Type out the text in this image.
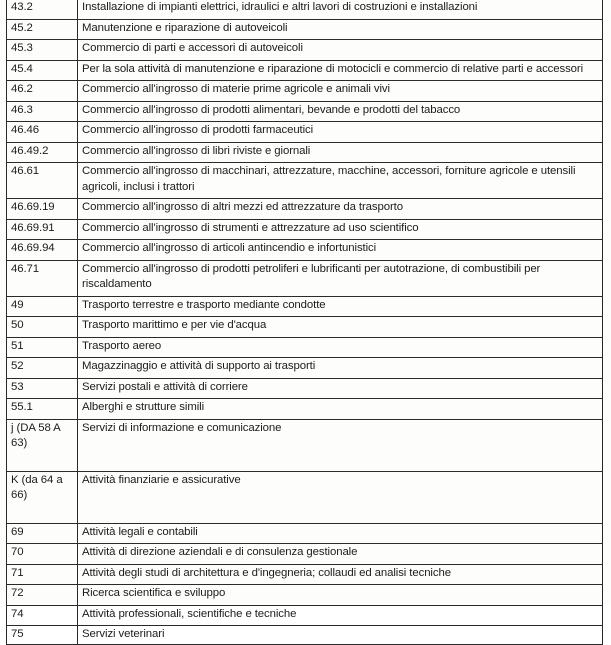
43.2	Installazione di impianti elettrici, idraulici e altri lavori di costruzioni e installazioni
45.2	Manutenzione e riparazione di autoveicoli
45.3	Commercio di parti e accessori di autoveicoli
45.4	Per la sola attività di manutenzione e riparazione di motocicli e commercio di relative parti e accessori
46.2	Commercio all'ingrosso di materie prime agricole e animali vivi
46.3	Commercio all'ingrosso di prodotti alimentari, bevande e prodotti del tabacco
46.46	Commercio all'ingrosso di prodotti farmaceutici
46.49.2	Commercio all'ingrosso di libri riviste e giornali
46.61	Commercio all'ingrosso di macchinari, attrezzature, macchine, accessori, forniture agricole e utensili agricoli, inclusi i trattori
46.69.19	Commercio all'ingrosso di altri mezzi ed attrezzature da trasporto
46.69.91	Commercio all'ingrosso di strumenti e attrezzature ad uso scientifico
46.69.94	Commercio all'ingrosso di articoli antincendio e infortunistici
46.71	Commercio all'ingrosso di prodotti petroliferi e lubrificanti per autotrazione, di combustibili per riscaldamento
49	Trasporto terrestre e trasporto mediante condotte
50	Trasporto marittimo e per vie d'acqua
51	Trasporto aereo
52	Magazzinaggio e attività di supporto ai trasporti
53	Servizi postali e attività di corriere
55.1	Alberghi e strutture simili
j (DA 58 A 63)	Servizi di informazione e comunicazione
K (da 64 a 66)	Attività finanziarie e assicurative
69	Attività legali e contabili
70	Attività di direzione aziendali e di consulenza gestionale
71	Attività degli studi di architettura e d'ingegneria; collaudi ed analisi tecniche
72	Ricerca scientifica e sviluppo
74	Attività professionali, scientifiche e tecniche
75	Servizi veterinari
